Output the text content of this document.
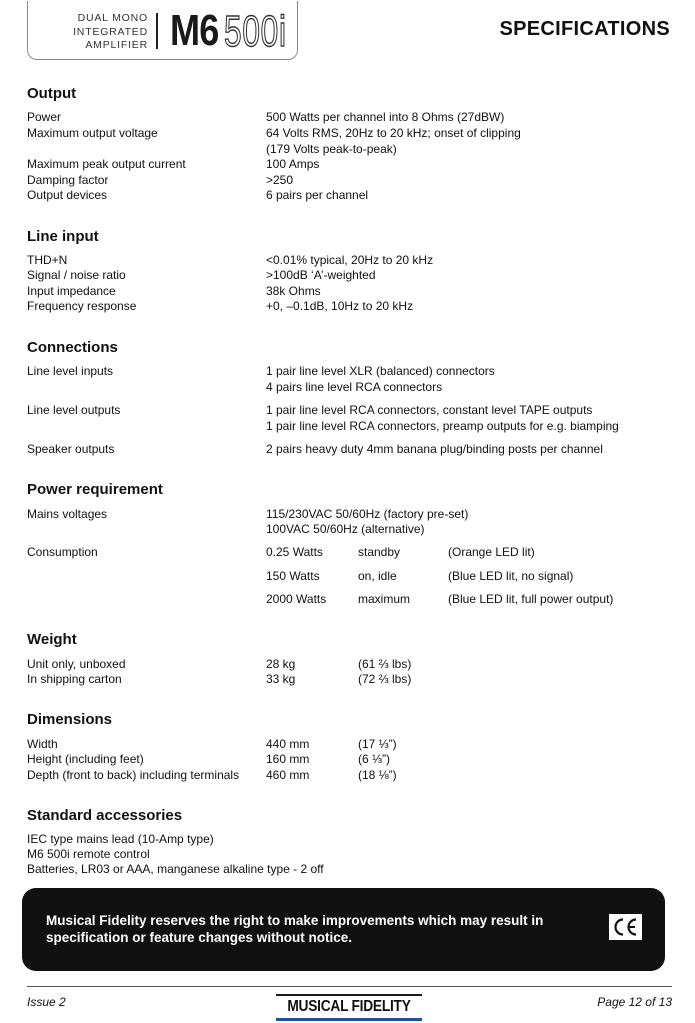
DUAL MONO
INTEGRATED
AMPLIFIER M6 500i	SPECIFICATIONS
Output
Power	500 Watts per channel into 8 Ohms (27dBW)
Maximum output voltage	64 Volts RMS, 20Hz to 20 kHz; onset of clipping
(179 Volts peak-to-peak)
Maximum peak output current	100 Amps
Damping factor	>250
Output devices	6 pairs per channel
Line input
THD+N	<0.01% typical, 20Hz to 20 kHz
Signal / noise ratio	>100dB ‘A’-weighted
Input impedance	38k Ohms
Frequency response	+0, –0.1dB, 10Hz to 20 kHz
Connections
Line level inputs	1 pair line level XLR (balanced) connectors
4 pairs line level RCA connectors
Line level outputs	1 pair line level RCA connectors, constant level TAPE outputs
1 pair line level RCA connectors, preamp outputs for e.g. biamping
Speaker outputs	2 pairs heavy duty 4mm banana plug/binding posts per channel
Power requirement
Mains voltages	115/230VAC 50/60Hz (factory pre-set)
100VAC 50/60Hz (alternative)
Consumption	0.25 Watts	standby	(Orange LED lit)
150 Watts	on, idle	(Blue LED lit, no signal)
2000 Watts	maximum	(Blue LED lit, full power output)
Weight
Unit only, unboxed	28 kg	(61 ⅔ lbs)
In shipping carton	33 kg	(72 ⅔ lbs)
Dimensions
Width	440 mm	(17 ⅓”)
Height (including feet)	160 mm	(6 ⅓”)
Depth (front to back) including terminals 460 mm	(18 ⅛”)
Standard accessories
IEC type mains lead (10-Amp type)
M6 500i remote control
Batteries, LR03 or AAA, manganese alkaline type - 2 off
Musical Fidelity reserves the right to make improvements which may result in specification or feature changes without notice.
Issue 2	MUSICAL FIDELITY	Page 12 of 13
